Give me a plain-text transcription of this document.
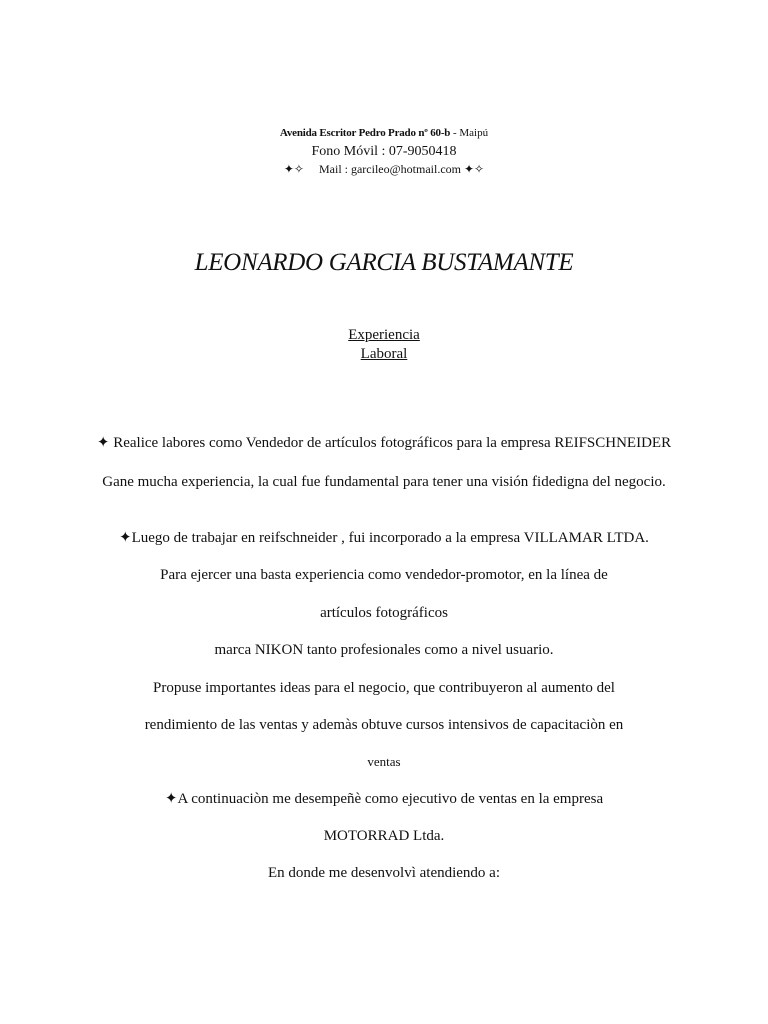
Avenida Escritor Pedro Prado nº 60-b - Maipú
Fono Móvil : 07-9050418
✦✧ Mail : garcileo@hotmail.com ✦✧
LEONARDO GARCIA BUSTAMANTE
Experiencia
Laboral
✦ Realice labores como Vendedor de artículos fotográficos para la empresa REIFSCHNEIDER
Gane mucha experiencia, la cual fue fundamental para tener una visión fidedigna del negocio.
✦Luego de trabajar en reifschneider , fui incorporado a la empresa VILLAMAR LTDA.
Para ejercer una basta experiencia como vendedor-promotor, en la línea de
artículos fotográficos
marca NIKON tanto profesionales como a nivel usuario.
Propuse importantes ideas para el negocio, que contribuyeron al aumento del
rendimiento de las ventas y ademàs obtuve cursos intensivos de capacitaciòn en
ventas
✦A continuaciòn me desempeñè como ejecutivo de ventas en la empresa
MOTORRAD Ltda.
En donde me desenvolvì atendiendo a:
